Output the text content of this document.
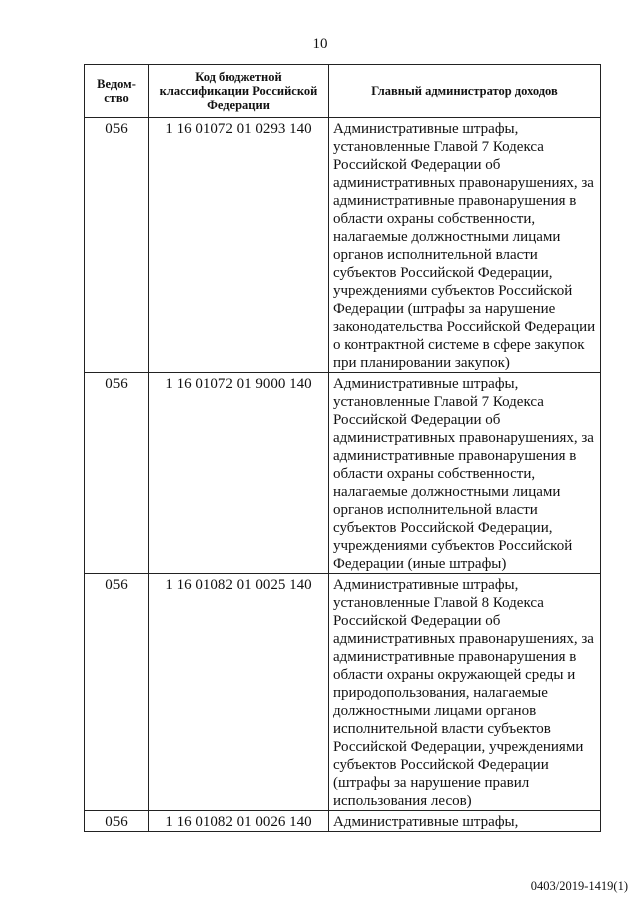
10
Ведом-ство	Код бюджетной классификации Российской Федерации	Главный администратор доходов
056	1 16 01072 01 0293 140	Административные штрафы, установленные Главой 7 Кодекса Российской Федерации об административных правонарушениях, за административные правонарушения в области охраны собственности, налагаемые должностными лицами органов исполнительной власти субъектов Российской Федерации, учреждениями субъектов Российской Федерации (штрафы за нарушение законодательства Российской Федерации о контрактной системе в сфере закупок при планировании закупок)
056	1 16 01072 01 9000 140	Административные штрафы, установленные Главой 7 Кодекса Российской Федерации об административных правонарушениях, за административные правонарушения в области охраны собственности, налагаемые должностными лицами органов исполнительной власти субъектов Российской Федерации, учреждениями субъектов Российской Федерации (иные штрафы)
056	1 16 01082 01 0025 140	Административные штрафы, установленные Главой 8 Кодекса Российской Федерации об административных правонарушениях, за административные правонарушения в области охраны окружающей среды и природопользования, налагаемые должностными лицами органов исполнительной власти субъектов Российской Федерации, учреждениями субъектов Российской Федерации (штрафы за нарушение правил использования лесов)
056	1 16 01082 01 0026 140	Административные штрафы,
0403/2019-1419(1)
